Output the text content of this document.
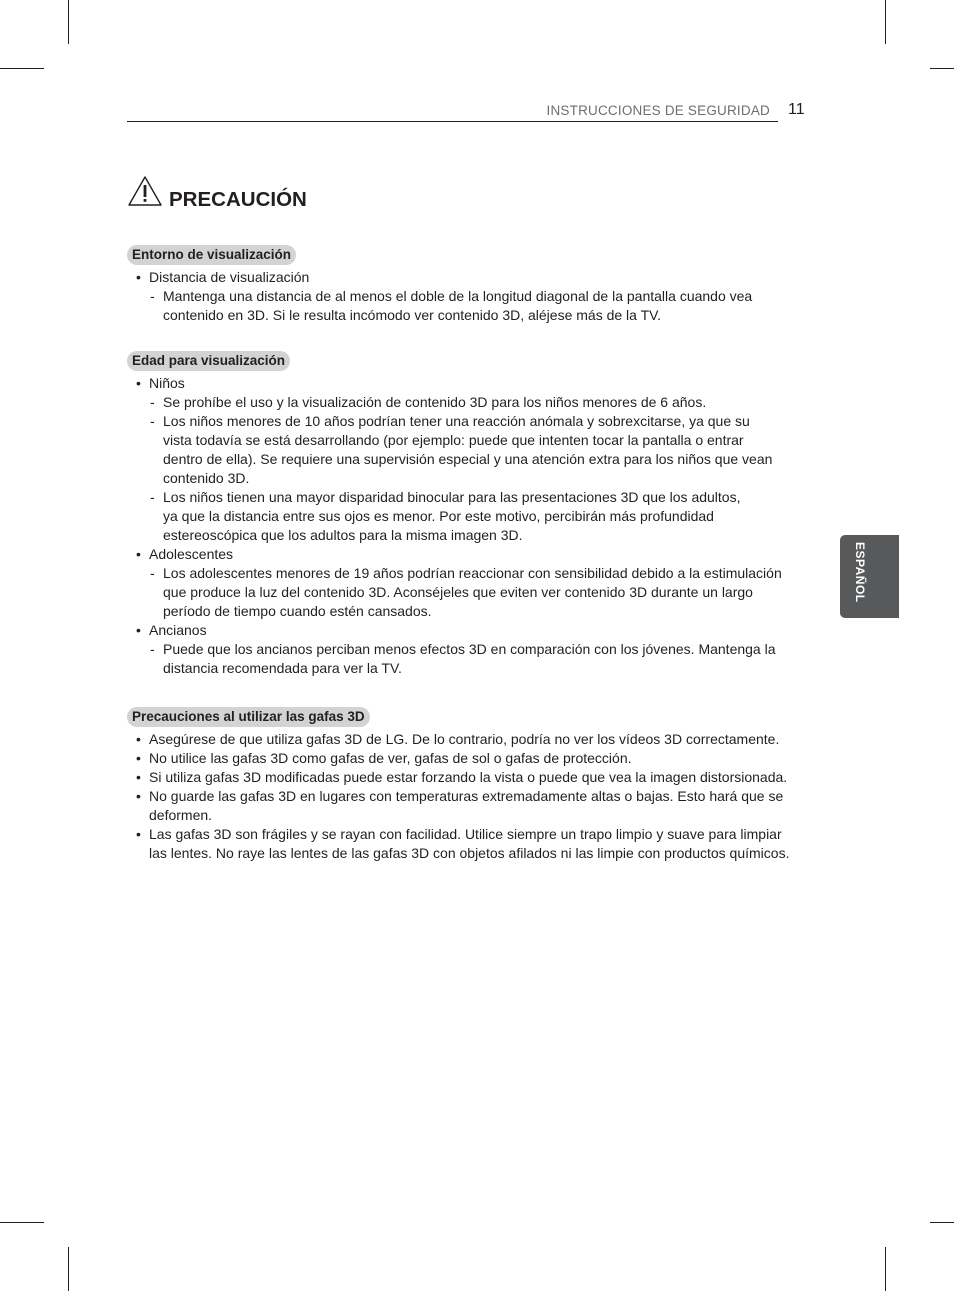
INSTRUCCIONES DE SEGURIDAD 11
PRECAUCIÓN
Entorno de visualización
• Distancia de visualización
- Mantenga una distancia de al menos el doble de la longitud diagonal de la pantalla cuando vea
contenido en 3D. Si le resulta incómodo ver contenido 3D, aléjese más de la TV.
Edad para visualización
• Niños
- Se prohíbe el uso y la visualización de contenido 3D para los niños menores de 6 años.
- Los niños menores de 10 años podrían tener una reacción anómala y sobrexcitarse, ya que su
vista todavía se está desarrollando (por ejemplo: puede que intenten tocar la pantalla o entrar
dentro de ella). Se requiere una supervisión especial y una atención extra para los niños que vean
contenido 3D.
- Los niños tienen una mayor disparidad binocular para las presentaciones 3D que los adultos,
ya que la distancia entre sus ojos es menor. Por este motivo, percibirán más profundidad
estereoscópica que los adultos para la misma imagen 3D.
• Adolescentes
- Los adolescentes menores de 19 años podrían reaccionar con sensibilidad debido a la estimulación
que produce la luz del contenido 3D. Aconséjeles que eviten ver contenido 3D durante un largo
período de tiempo cuando estén cansados.
• Ancianos
- Puede que los ancianos perciban menos efectos 3D en comparación con los jóvenes. Mantenga la
distancia recomendada para ver la TV.
Precauciones al utilizar las gafas 3D
• Asegúrese de que utiliza gafas 3D de LG. De lo contrario, podría no ver los vídeos 3D correctamente.
• No utilice las gafas 3D como gafas de ver, gafas de sol o gafas de protección.
• Si utiliza gafas 3D modificadas puede estar forzando la vista o puede que vea la imagen distorsionada.
• No guarde las gafas 3D en lugares con temperaturas extremadamente altas o bajas. Esto hará que se
deformen.
• Las gafas 3D son frágiles y se rayan con facilidad. Utilice siempre un trapo limpio y suave para limpiar
las lentes. No raye las lentes de las gafas 3D con objetos afilados ni las limpie con productos químicos.
ESPAÑOL
